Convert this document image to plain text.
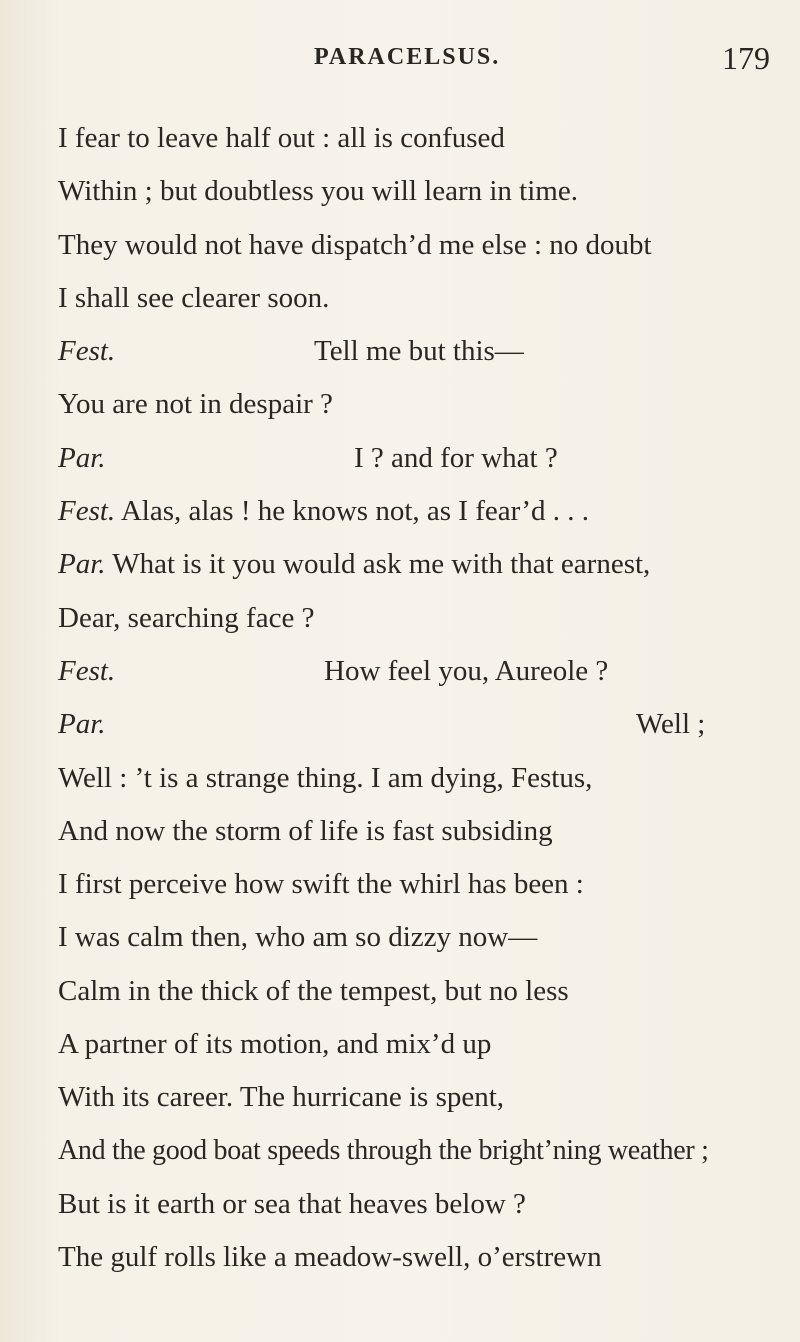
PARACELSUS.	179
I fear to leave half out : all is confused
Within ; but doubtless you will learn in time.
They would not have dispatch’d me else : no doubt
I shall see clearer soon.
Fest.	Tell me but this—
You are not in despair ?
Par.	I ? and for what ?
Fest. Alas, alas ! he knows not, as I fear’d . . .
Par. What is it you would ask me with that earnest,
Dear, searching face ?
Fest.	How feel you, Aureole ?
Par.	Well ;
Well : ’t is a strange thing. I am dying, Festus,
And now the storm of life is fast subsiding
I first perceive how swift the whirl has been :
I was calm then, who am so dizzy now—
Calm in the thick of the tempest, but no less
A partner of its motion, and mix’d up
With its career. The hurricane is spent,
And the good boat speeds through the bright’ning weather ;
But is it earth or sea that heaves below ?
The gulf rolls like a meadow-swell, o’erstrewn
